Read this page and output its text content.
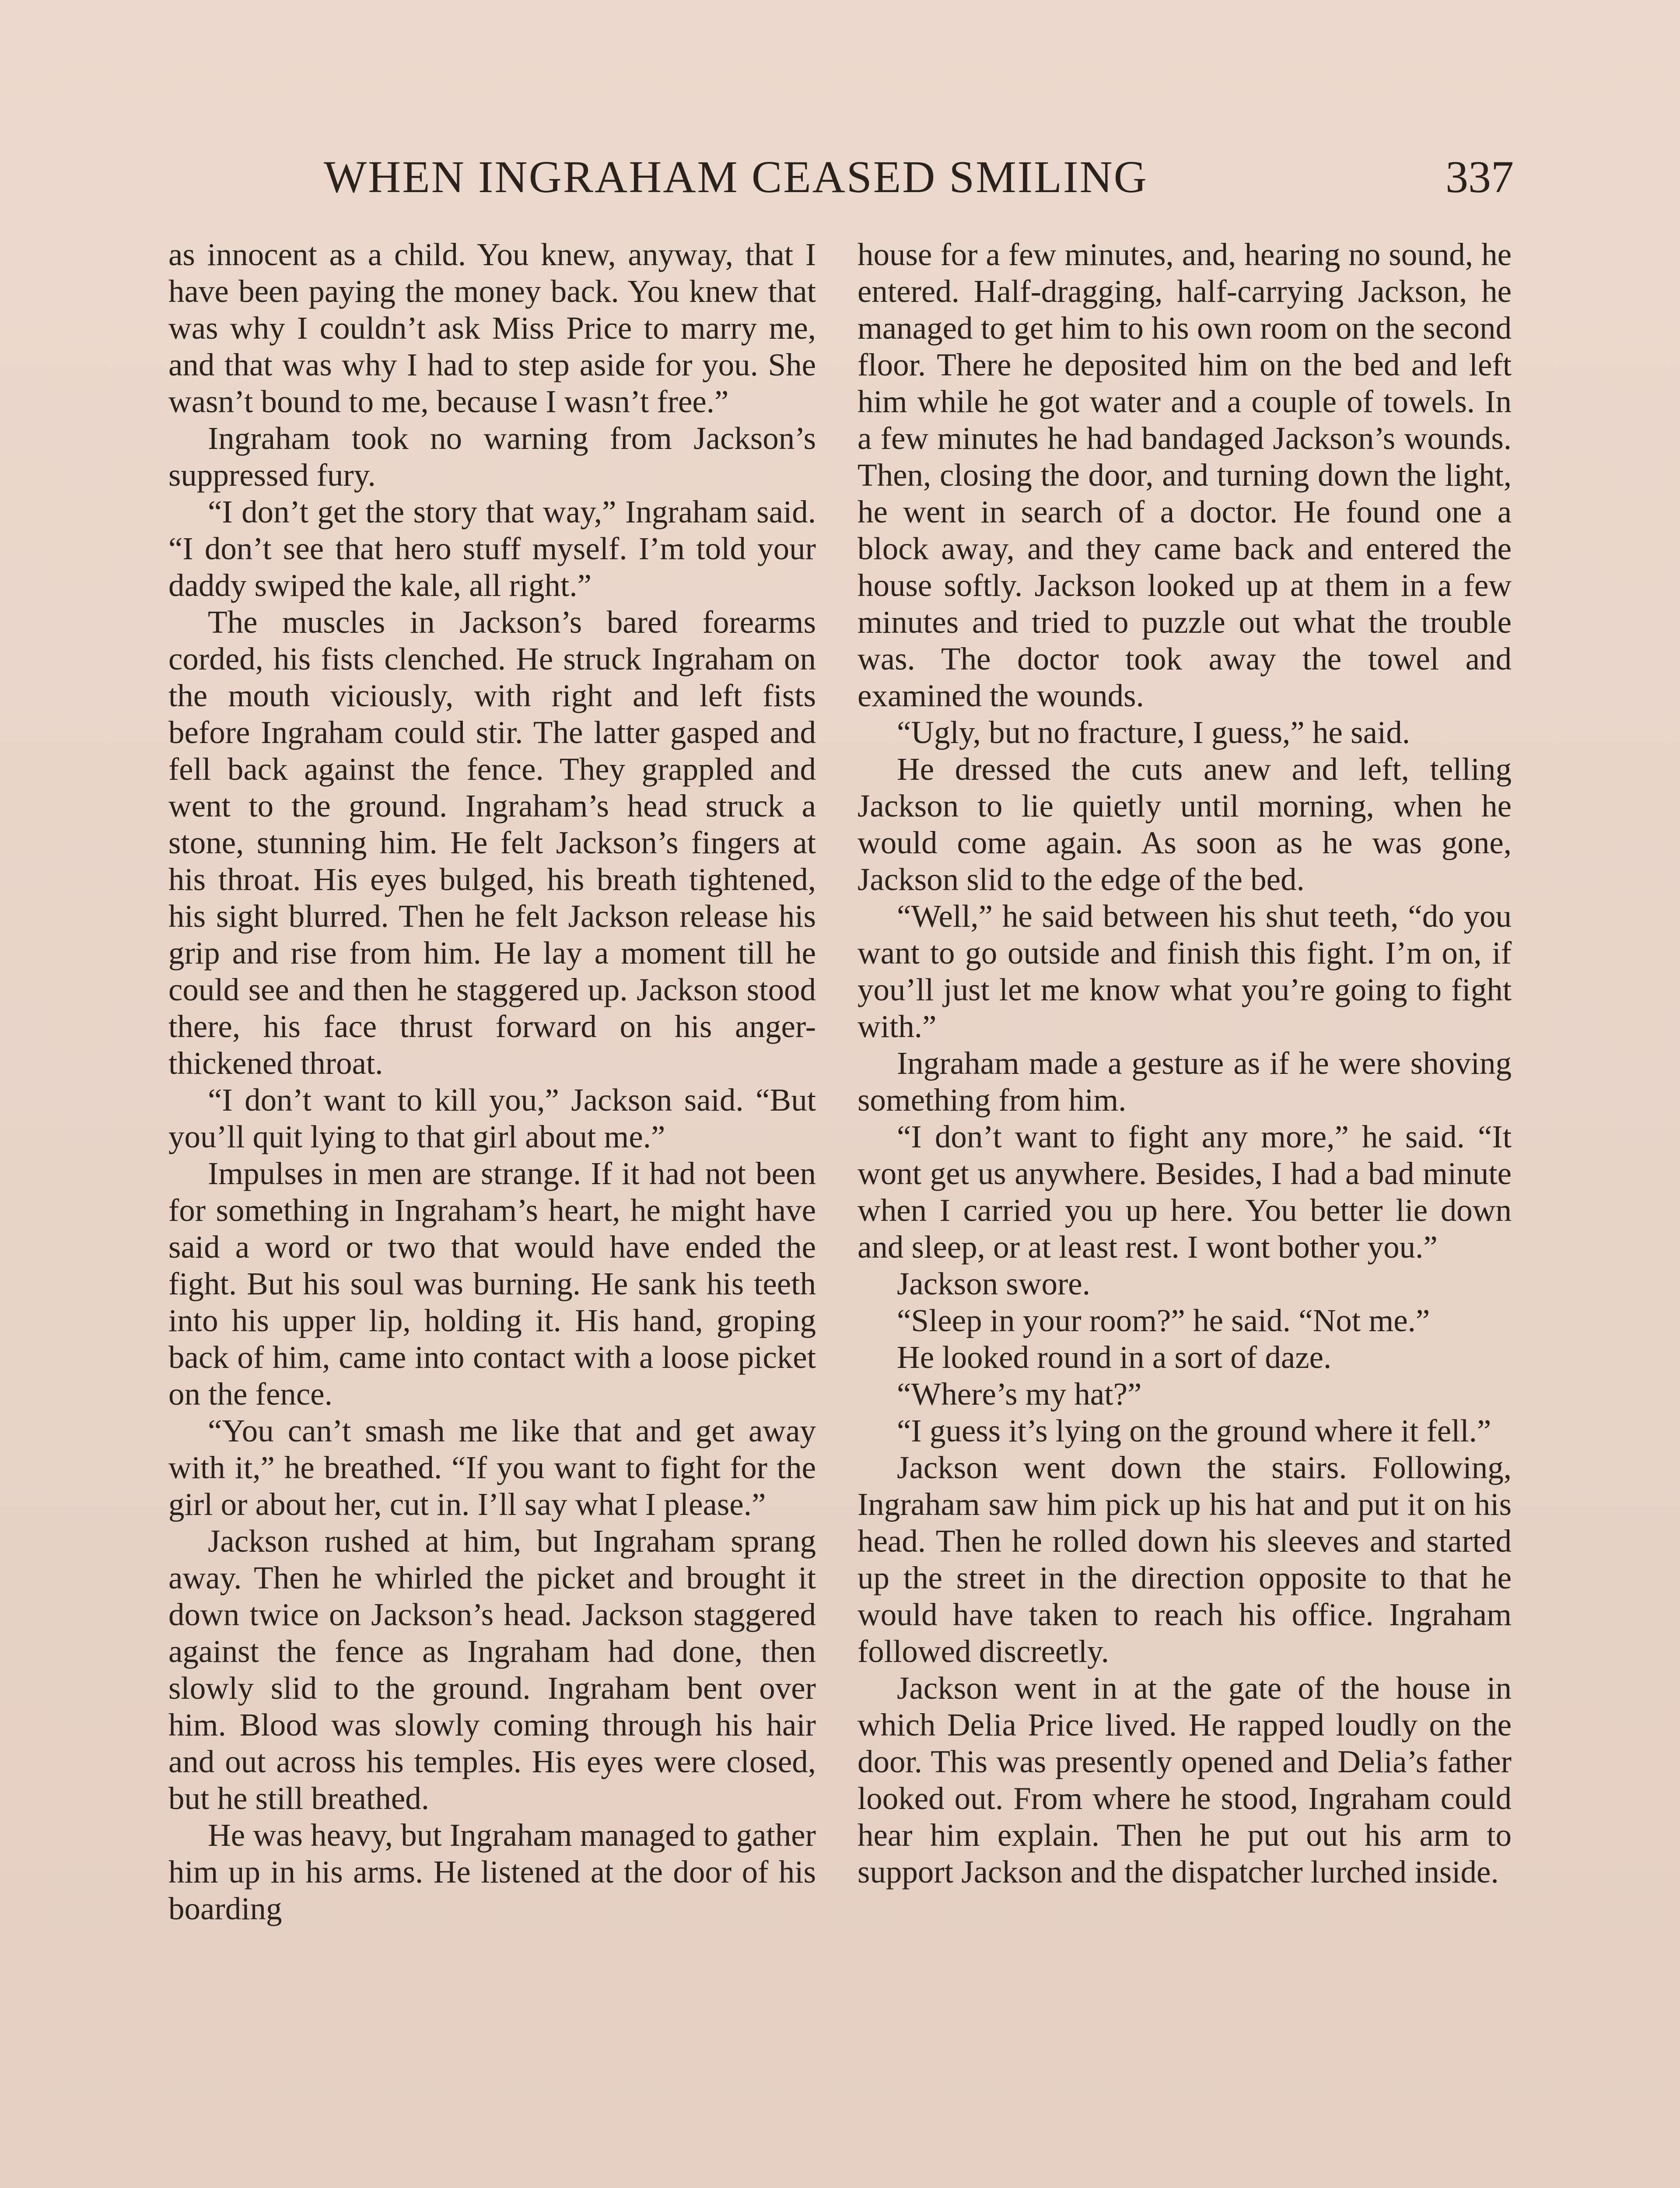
WHEN INGRAHAM CEASED SMILING	337

as innocent as a child. You knew, anyway, that I have been paying the money back. You knew that was why I couldn’t ask Miss Price to marry me, and that was why I had to step aside for you. She wasn’t bound to me, because I wasn’t free.”

Ingraham took no warning from Jackson’s suppressed fury.

“I don’t get the story that way,” Ingraham said. “I don’t see that hero stuff myself. I’m told your daddy swiped the kale, all right.”

The muscles in Jackson’s bared forearms corded, his fists clenched. He struck Ingraham on the mouth viciously, with right and left fists before Ingraham could stir. The latter gasped and fell back against the fence. They grappled and went to the ground. Ingraham’s head struck a stone, stunning him. He felt Jackson’s fingers at his throat. His eyes bulged, his breath tightened, his sight blurred. Then he felt Jackson release his grip and rise from him. He lay a moment till he could see and then he staggered up. Jackson stood there, his face thrust forward on his anger-thickened throat.

“I don’t want to kill you,” Jackson said. “But you’ll quit lying to that girl about me.”

Impulses in men are strange. If it had not been for something in Ingraham’s heart, he might have said a word or two that would have ended the fight. But his soul was burning. He sank his teeth into his upper lip, holding it. His hand, groping back of him, came into contact with a loose picket on the fence.

“You can’t smash me like that and get away with it,” he breathed. “If you want to fight for the girl or about her, cut in. I’ll say what I please.”

Jackson rushed at him, but Ingraham sprang away. Then he whirled the picket and brought it down twice on Jackson’s head. Jackson staggered against the fence as Ingraham had done, then slowly slid to the ground. Ingraham bent over him. Blood was slowly coming through his hair and out across his temples. His eyes were closed, but he still breathed.

He was heavy, but Ingraham managed to gather him up in his arms. He listened at the door of his boarding

house for a few minutes, and, hearing no sound, he entered. Half-dragging, half-carrying Jackson, he managed to get him to his own room on the second floor. There he deposited him on the bed and left him while he got water and a couple of towels. In a few minutes he had bandaged Jackson’s wounds. Then, closing the door, and turning down the light, he went in search of a doctor. He found one a block away, and they came back and entered the house softly. Jackson looked up at them in a few minutes and tried to puzzle out what the trouble was. The doctor took away the towel and examined the wounds.

“Ugly, but no fracture, I guess,” he said.

He dressed the cuts anew and left, telling Jackson to lie quietly until morning, when he would come again. As soon as he was gone, Jackson slid to the edge of the bed.

“Well,” he said between his shut teeth, “do you want to go outside and finish this fight. I’m on, if you’ll just let me know what you’re going to fight with.”

Ingraham made a gesture as if he were shoving something from him.

“I don’t want to fight any more,” he said. “It wont get us anywhere. Besides, I had a bad minute when I carried you up here. You better lie down and sleep, or at least rest. I wont bother you.”

Jackson swore.

“Sleep in your room?” he said. “Not me.”

He looked round in a sort of daze.

“Where’s my hat?”

“I guess it’s lying on the ground where it fell.”

Jackson went down the stairs. Following, Ingraham saw him pick up his hat and put it on his head. Then he rolled down his sleeves and started up the street in the direction opposite to that he would have taken to reach his office. Ingraham followed discreetly.

Jackson went in at the gate of the house in which Delia Price lived. He rapped loudly on the door. This was presently opened and Delia’s father looked out. From where he stood, Ingraham could hear him explain. Then he put out his arm to support Jackson and the dispatcher lurched inside.
